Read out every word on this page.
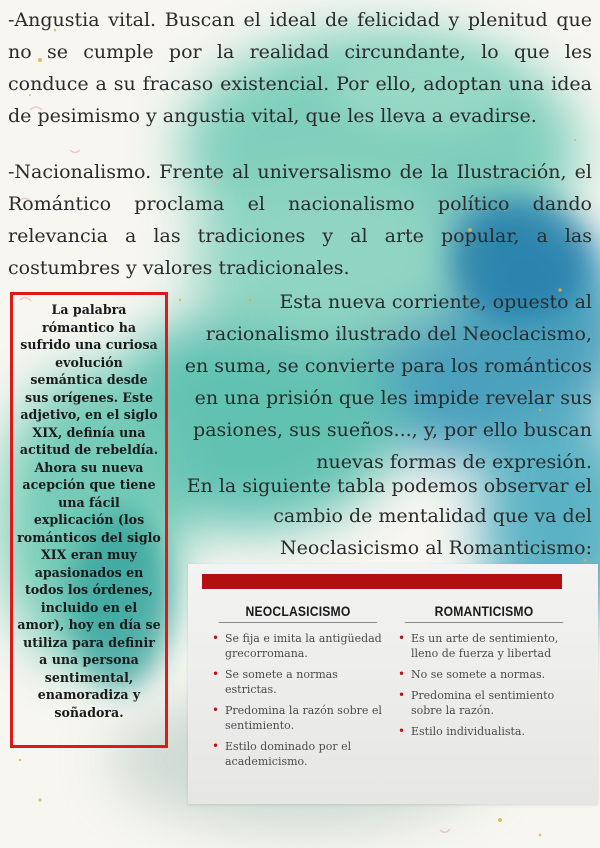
-Angustia vital. Buscan el ideal de felicidad y plenitud que no se cumple por la realidad circundante, lo que les conduce a su fracaso existencial. Por ello, adoptan una idea de pesimismo y angustia vital, que les lleva a evadirse.

-Nacionalismo. Frente al universalismo de la Ilustración, el Romántico proclama el nacionalismo político dando relevancia a las tradiciones y al arte popular, a las costumbres y valores tradicionales.

La palabra rómantico ha sufrido una curiosa evolución semántica desde sus orígenes. Este adjetivo, en el siglo XIX, definía una actitud de rebeldía. Ahora su nueva acepción que tiene una fácil explicación (los románticos del siglo XIX eran muy apasionados en todos los órdenes, incluido en el amor), hoy en día se utiliza para definir a una persona sentimental, enamoradiza y soñadora.

Esta nueva corriente, opuesto al

racionalismo ilustrado del Neoclacismo,

en suma, se convierte para los románticos

en una prisión que les impide revelar sus

pasiones, sus sueños..., y, por ello buscan

nuevas formas de expresión.

En la siguiente tabla podemos observar el

cambio de mentalidad que va del

Neoclasicismo al Romanticismo:

NEOCLASICISMO
• Se fija e imita la antigüedad grecorromana.
• Se somete a normas estrictas.
• Predomina la razón sobre el sentimiento.
• Estilo dominado por el academicismo.
ROMANTICISMO
• Es un arte de sentimiento, lleno de fuerza y libertad
• No se somete a normas.
• Predomina el sentimiento sobre la razón.
• Estilo individualista.
